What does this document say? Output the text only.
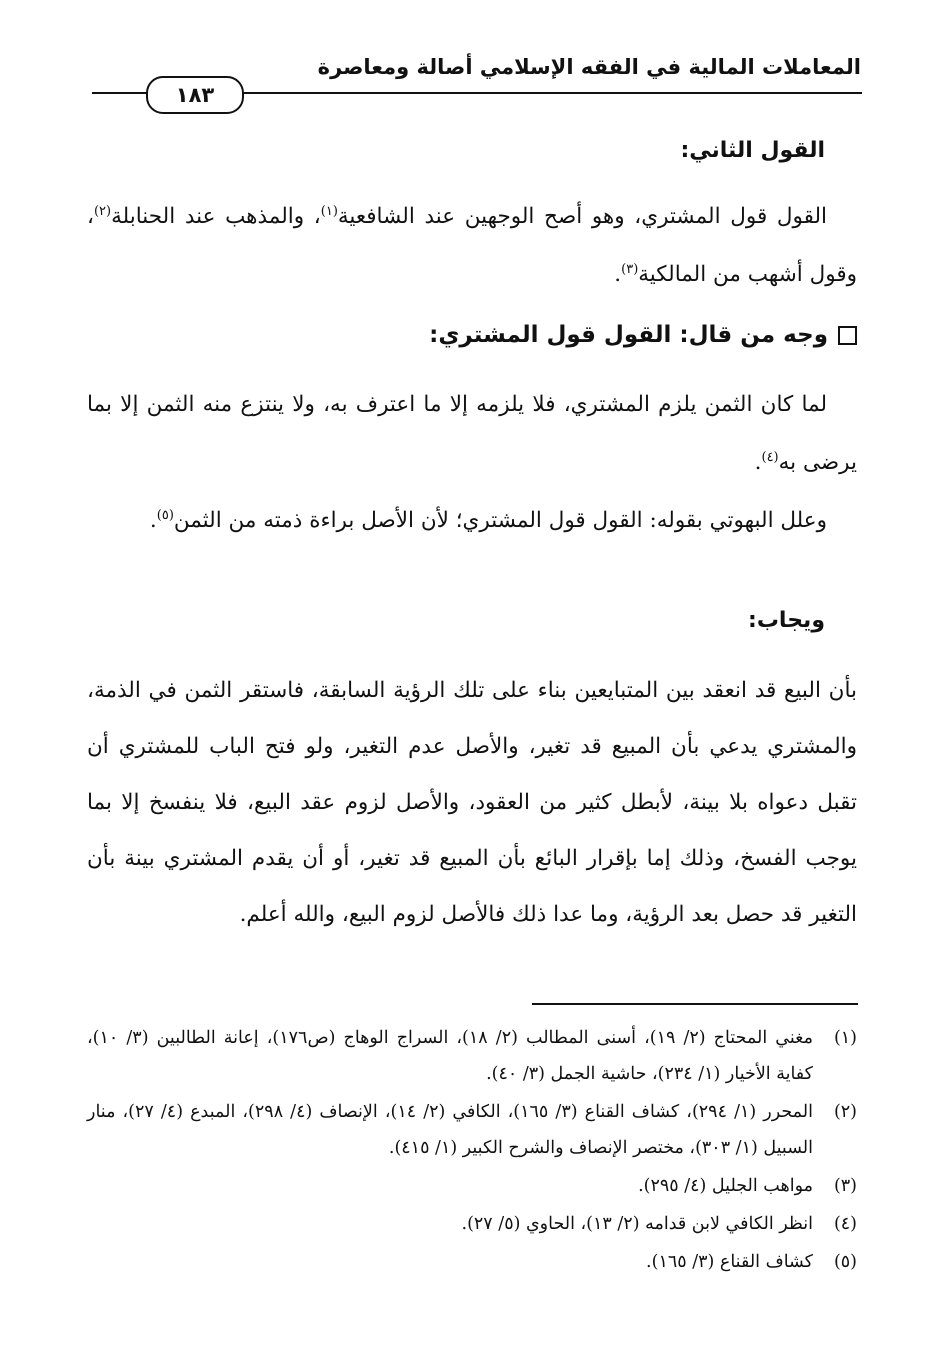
المعاملات المالية في الفقه الإسلامي أصالة ومعاصرة
١٨٣
القول الثاني:

القول قول المشتري، وهو أصح الوجهين عند الشافعية$^{(١)}$، والمذهب عند الحنابلة$^{(٢)}$، وقول أشهب من المالكية$^{(٣)}$.

وجه من قال: القول قول المشتري:

لما كان الثمن يلزم المشتري، فلا يلزمه إلا ما اعترف به، ولا ينتزع منه الثمن إلا بما يرضى به$^{(٤)}$.

وعلل البهوتي بقوله: القول قول المشتري؛ لأن الأصل براءة ذمته من الثمن$^{(٥)}$.

ويجاب:

بأن البيع قد انعقد بين المتبايعين بناء على تلك الرؤية السابقة، فاستقر الثمن في الذمة، والمشتري يدعي بأن المبيع قد تغير، والأصل عدم التغير، ولو فتح الباب للمشتري أن تقبل دعواه بلا بينة، لأبطل كثير من العقود، والأصل لزوم عقد البيع، فلا ينفسخ إلا بما يوجب الفسخ، وذلك إما بإقرار البائع بأن المبيع قد تغير، أو أن يقدم المشتري بينة بأن التغير قد حصل بعد الرؤية، وما عدا ذلك فالأصل لزوم البيع، والله أعلم.

(١)
مغني المحتاج (٢/ ١٩)، أسنى المطالب (٢/ ١٨)، السراج الوهاج (ص١٧٦)، إعانة الطالبين (٣/ ١٠)، كفاية الأخيار (١/ ٢٣٤)، حاشية الجمل (٣/ ٤٠).

(٢)
المحرر (١/ ٢٩٤)، كشاف القناع (٣/ ١٦٥)، الكافي (٢/ ١٤)، الإنصاف (٤/ ٢٩٨)، المبدع (٤/ ٢٧)، منار السبيل (١/ ٣٠٣)، مختصر الإنصاف والشرح الكبير (١/ ٤١٥).

(٣)
مواهب الجليل (٤/ ٢٩٥).

(٤)
انظر الكافي لابن قدامه (٢/ ١٣)، الحاوي (٥/ ٢٧).

(٥)
كشاف القناع (٣/ ١٦٥).
